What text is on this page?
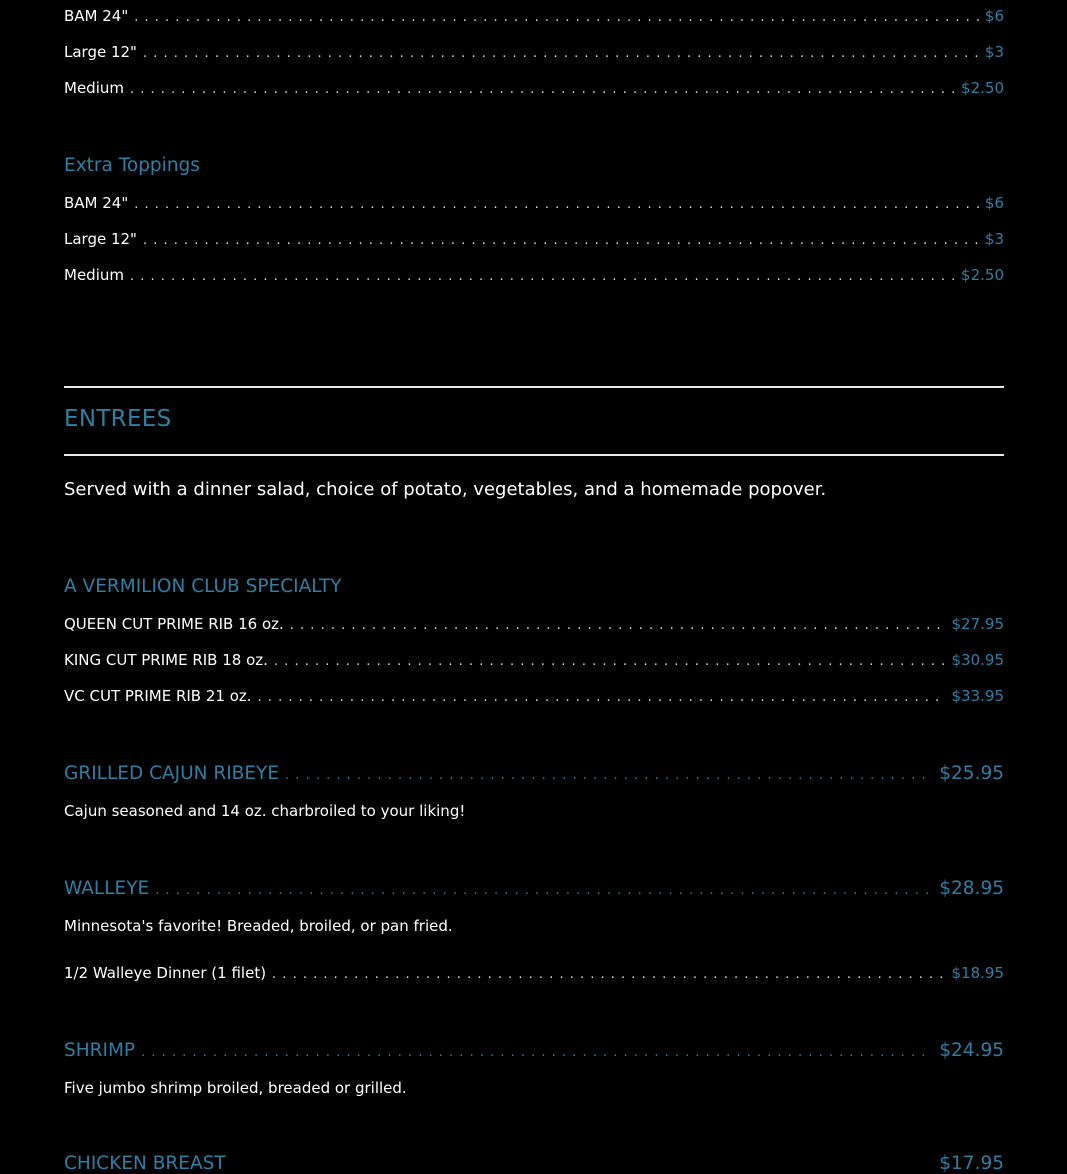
BAM 24" . . .	$6
Large 12" . . .	$3
Medium . . .	$2.50
Extra Toppings
BAM 24" . . .	$6
Large 12" . . .	$3
Medium . . .	$2.50
ENTREES
Served with a dinner salad, choice of potato, vegetables, and a homemade popover.
A VERMILION CLUB SPECIALTY
QUEEN CUT PRIME RIB 16 oz. . . .	$27.95
KING CUT PRIME RIB 18 oz. . . .	$30.95
VC CUT PRIME RIB 21 oz. . . .	$33.95
GRILLED CAJUN RIBEYE . . .	$25.95
Cajun seasoned and 14 oz. charbroiled to your liking!
WALLEYE . . .	$28.95
Minnesota's favorite! Breaded, broiled, or pan fried.
1/2 Walleye Dinner (1 filet) . . .	$18.95
SHRIMP . . .	$24.95
Five jumbo shrimp broiled, breaded or grilled.
CHICKEN BREAST	$17.95
